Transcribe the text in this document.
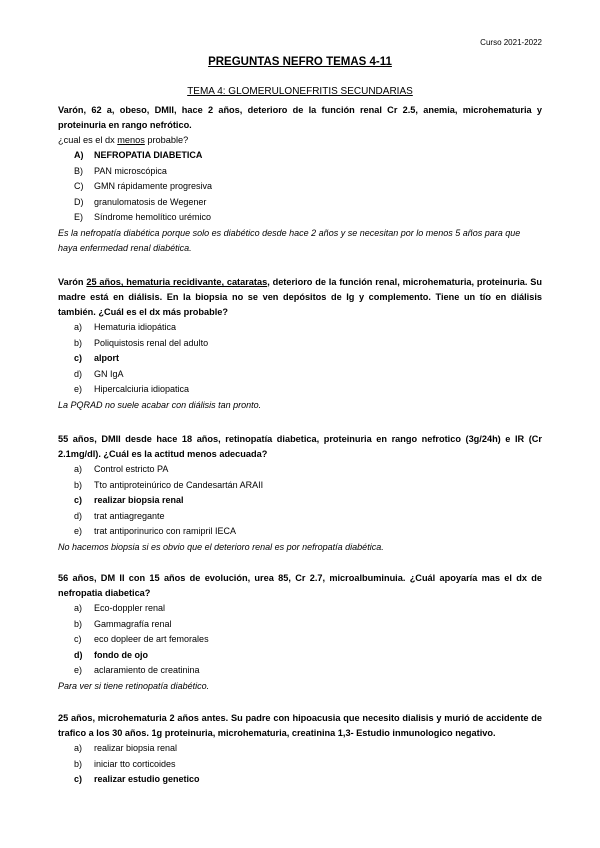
Curso 2021-2022
PREGUNTAS NEFRO TEMAS 4-11
TEMA 4: GLOMERULONEFRITIS SECUNDARIAS

Varón, 62 a, obeso, DMII, hace 2 años, deterioro de la función renal Cr 2.5, anemia, microhematuria y proteinuria en rango nefrótico.

¿cual es el dx menos probable?

A) NEFROPATIA DIABETICA
B) PAN microscópica
C) GMN rápidamente progresiva
D) granulomatosis de Wegener
E) Síndrome hemolítico urémico

Es la nefropatía diabética porque solo es diabético desde hace 2 años y se necesitan por lo menos 5 años para que haya enfermedad renal diabética.

Varón 25 años, hematuria recidivante, cataratas, deterioro de la función renal, microhematuria, proteinuria. Su madre está en diálisis. En la biopsia no se ven depósitos de Ig y complemento. Tiene un tío en diálisis también. ¿Cuál es el dx más probable?

a) Hematuria idiopática
b) Poliquistosis renal del adulto
c) alport
d) GN IgA
e) Hipercalciuria idiopatica

La PQRAD no suele acabar con diálisis tan pronto.

55 años, DMII desde hace 18 años, retinopatía diabetica, proteinuria en rango nefrotico (3g/24h) e IR (Cr 2.1mg/dl). ¿Cuál es la actitud menos adecuada?

a) Control estricto PA
b) Tto antiproteinúrico de Candesartán ARAII
c) realizar biopsia renal
d) trat antiagregante
e) trat antiporinurico con ramipril IECA

No hacemos biopsia si es obvio que el deterioro renal es por nefropatía diabética.

56 años, DM II con 15 años de evolución, urea 85, Cr 2.7, microalbuminuia. ¿Cuál apoyaría mas el dx de nefropatia diabetica?

a) Eco-doppler renal
b) Gammagrafía renal
c) eco dopleer de art femorales
d) fondo de ojo
e) aclaramiento de creatinina

Para ver si tiene retinopatía diabético.

25 años, microhematuria 2 años antes. Su padre con hipoacusia que necesito dialisis y murió de accidente de trafico a los 30 años. 1g proteinuria, microhematuria, creatinina 1,3- Estudio inmunologico negativo.

a) realizar biopsia renal
b) iniciar tto corticoides
c) realizar estudio genetico
